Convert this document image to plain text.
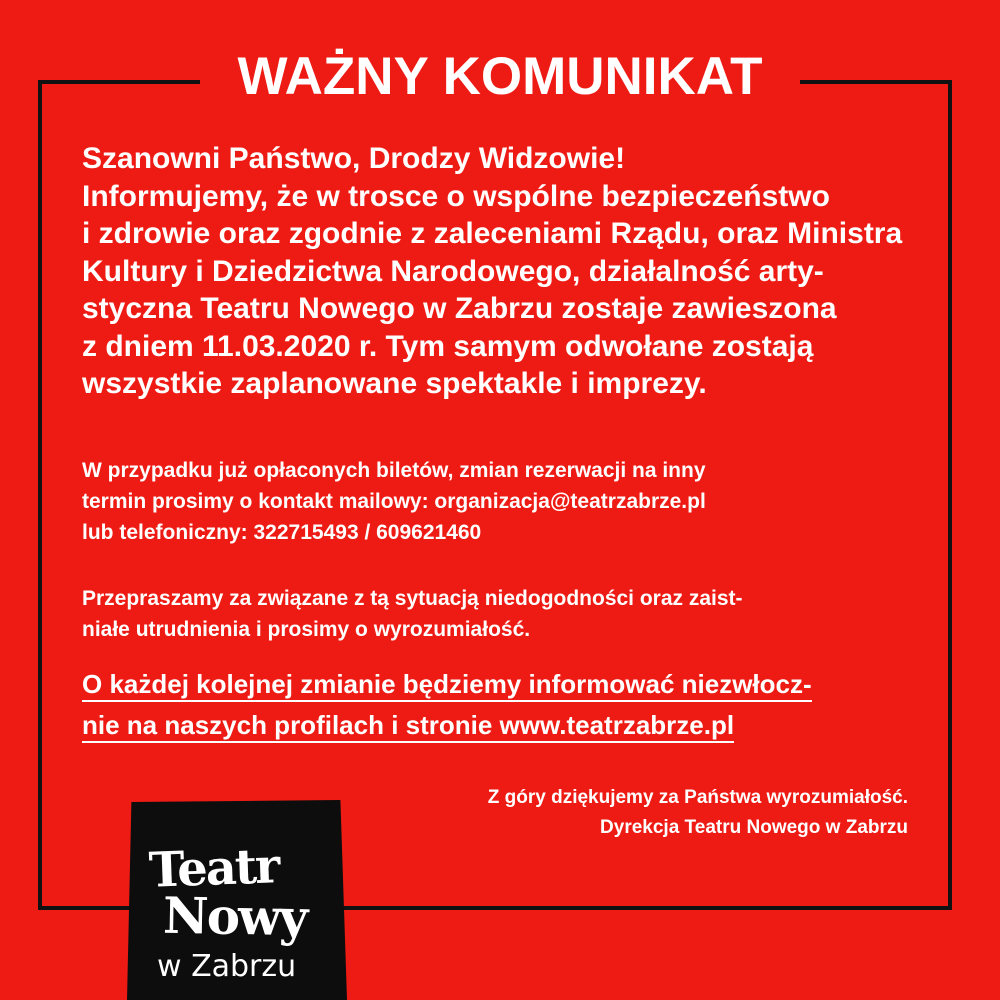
WAŻNY KOMUNIKAT
Szanowni Państwo, Drodzy Widzowie!
Informujemy, że w trosce o wspólne bezpieczeństwo
i zdrowie oraz zgodnie z zaleceniami Rządu, oraz Ministra
Kultury i Dziedzictwa Narodowego, działalność arty-
styczna Teatru Nowego w Zabrzu zostaje zawieszona
z dniem 11.03.2020 r. Tym samym odwołane zostają
wszystkie zaplanowane spektakle i imprezy.
W przypadku już opłaconych biletów, zmian rezerwacji na inny
termin prosimy o kontakt mailowy: organizacja@teatrzabrze.pl
lub telefoniczny: 322715493 / 609621460
Przepraszamy za związane z tą sytuacją niedogodności oraz zaist-
niałe utrudnienia i prosimy o wyrozumiałość.
O każdej kolejnej zmianie będziemy informować niezwłocz-
nie na naszych profilach i stronie www.teatrzabrze.pl
Z góry dziękujemy za Państwa wyrozumiałość.
Dyrekcja Teatru Nowego w Zabrzu
Teatr
Nowy
w Zabrzu
